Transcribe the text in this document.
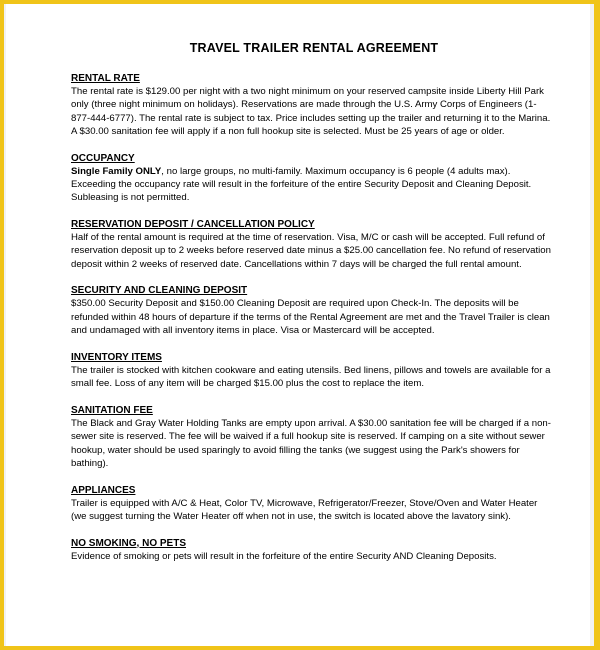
TRAVEL TRAILER RENTAL AGREEMENT

RENTAL RATE

The rental rate is $129.00 per night with a two night minimum on your reserved campsite inside Liberty Hill Park only (three night minimum on holidays). Reservations are made through the U.S. Army Corps of Engineers (1-877-444-6777). The rental rate is subject to tax. Price includes setting up the trailer and returning it to the Marina. A $30.00 sanitation fee will apply if a non full hookup site is selected. Must be 25 years of age or older.

OCCUPANCY

Single Family ONLY, no large groups, no multi-family. Maximum occupancy is 6 people (4 adults max). Exceeding the occupancy rate will result in the forfeiture of the entire Security Deposit and Cleaning Deposit. Subleasing is not permitted.

RESERVATION DEPOSIT / CANCELLATION POLICY

Half of the rental amount is required at the time of reservation. Visa, M/C or cash will be accepted. Full refund of reservation deposit up to 2 weeks before reserved date minus a $25.00 cancellation fee. No refund of reservation deposit within 2 weeks of reserved date. Cancellations within 7 days will be charged the full rental amount.

SECURITY AND CLEANING DEPOSIT

$350.00 Security Deposit and $150.00 Cleaning Deposit are required upon Check-In. The deposits will be refunded within 48 hours of departure if the terms of the Rental Agreement are met and the Travel Trailer is clean and undamaged with all inventory items in place. Visa or Mastercard will be accepted.

INVENTORY ITEMS

The trailer is stocked with kitchen cookware and eating utensils. Bed linens, pillows and towels are available for a small fee. Loss of any item will be charged $15.00 plus the cost to replace the item.

SANITATION FEE

The Black and Gray Water Holding Tanks are empty upon arrival. A $30.00 sanitation fee will be charged if a non-sewer site is reserved. The fee will be waived if a full hookup site is reserved. If camping on a site without sewer hookup, water should be used sparingly to avoid filling the tanks (we suggest using the Park's showers for bathing).

APPLIANCES

Trailer is equipped with A/C & Heat, Color TV, Microwave, Refrigerator/Freezer, Stove/Oven and Water Heater (we suggest turning the Water Heater off when not in use, the switch is located above the lavatory sink).

NO SMOKING, NO PETS

Evidence of smoking or pets will result in the forfeiture of the entire Security AND Cleaning Deposits.
